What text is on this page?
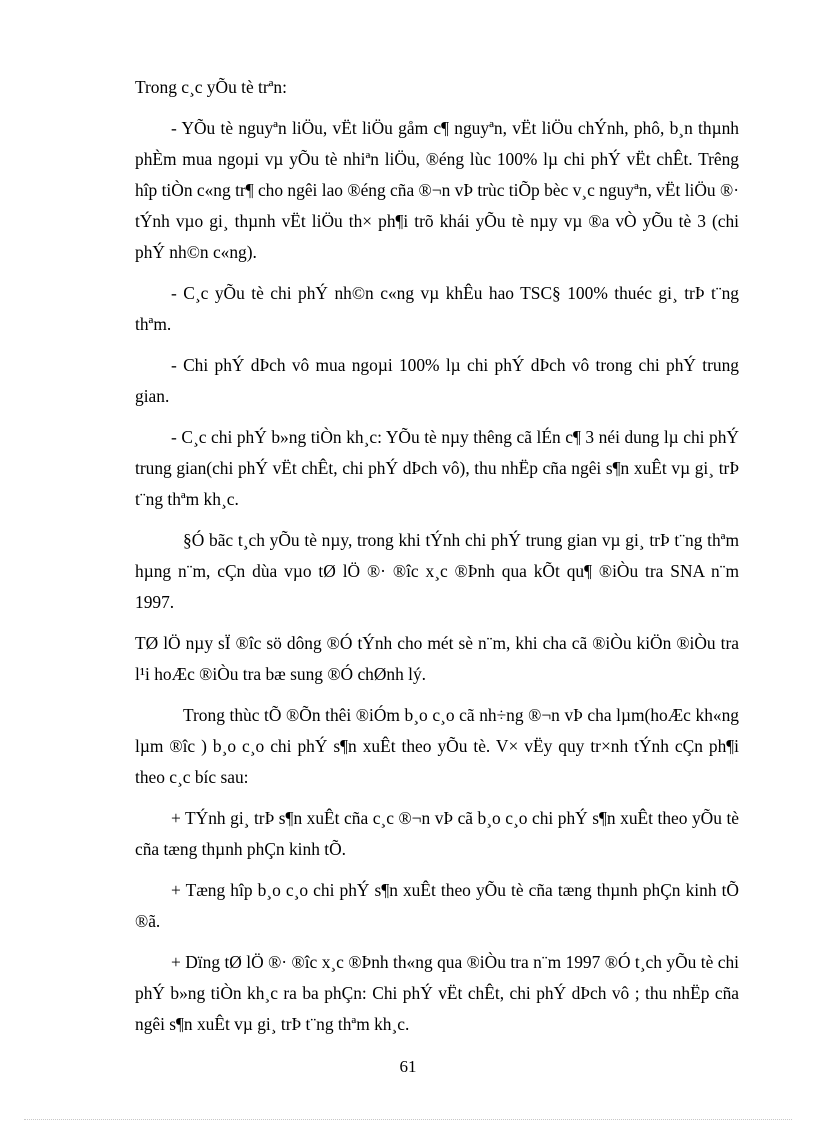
Trong c¸c yÕu tè trªn:

- YÕu tè nguyªn liÖu, vËt liÖu gåm c¶ nguyªn, vËt liÖu chÝnh, phô, b¸n thµnh phÈm mua ngoµi vµ yÕu tè nhiªn liÖu, ®éng lùc 100% lµ chi phÝ vËt chÊt. Trêng hîp tiÒn c«ng tr¶ cho ngêi lao ®éng cña ®¬n vÞ trùc tiÕp bèc v¸c nguyªn, vËt liÖu ®· tÝnh vµo gi¸ thµnh vËt liÖu th× ph¶i trõ khái yÕu tè nµy vµ ®a vÒ yÕu tè 3 (chi phÝ nh©n c«ng).

- C¸c yÕu tè chi phÝ nh©n c«ng vµ khÊu hao TSC§ 100% thuéc gi¸ trÞ t¨ng thªm.

- Chi phÝ dÞch vô mua ngoµi 100% lµ chi phÝ dÞch vô trong chi phÝ trung gian.

- C¸c chi phÝ b»ng tiÒn kh¸c: YÕu tè nµy thêng cã lÉn c¶ 3 néi dung lµ chi phÝ trung gian(chi phÝ vËt chÊt, chi phÝ dÞch vô), thu nhËp cña ngêi s¶n xuÊt vµ gi¸ trÞ t¨ng thªm kh¸c.

§Ó bãc t¸ch yÕu tè nµy, trong khi tÝnh chi phÝ trung gian vµ gi¸ trÞ t¨ng thªm hµng n¨m, cÇn dùa vµo tØ lÖ ®· ®îc x¸c ®Þnh qua kÕt qu¶ ®iÒu tra SNA n¨m 1997.

TØ lÖ nµy sÏ ®îc sö dông ®Ó tÝnh cho mét sè n¨m, khi cha cã ®iÒu kiÖn ®iÒu tra l¹i hoÆc ®iÒu tra bæ sung ®Ó chØnh lý.

Trong thùc tÕ ®Õn thêi ®iÓm b¸o c¸o cã nh÷ng ®¬n vÞ cha lµm(hoÆc kh«ng lµm ®îc ) b¸o c¸o chi phÝ s¶n xuÊt theo yÕu tè. V× vËy quy tr×nh tÝnh cÇn ph¶i theo c¸c bíc sau:

+ TÝnh gi¸ trÞ s¶n xuÊt cña c¸c ®¬n vÞ cã b¸o c¸o chi phÝ s¶n xuÊt theo yÕu tè cña tæng thµnh phÇn kinh tÕ.

+ Tæng hîp b¸o c¸o chi phÝ s¶n xuÊt theo yÕu tè cña tæng thµnh phÇn kinh tÕ ®ã.

+ Dïng tØ lÖ ®· ®îc x¸c ®Þnh th«ng qua ®iÒu tra n¨m 1997 ®Ó t¸ch yÕu tè chi phÝ b»ng tiÒn kh¸c ra ba phÇn: Chi phÝ vËt chÊt, chi phÝ dÞch vô ; thu nhËp cña ngêi s¶n xuÊt vµ gi¸ trÞ t¨ng thªm kh¸c.

61
